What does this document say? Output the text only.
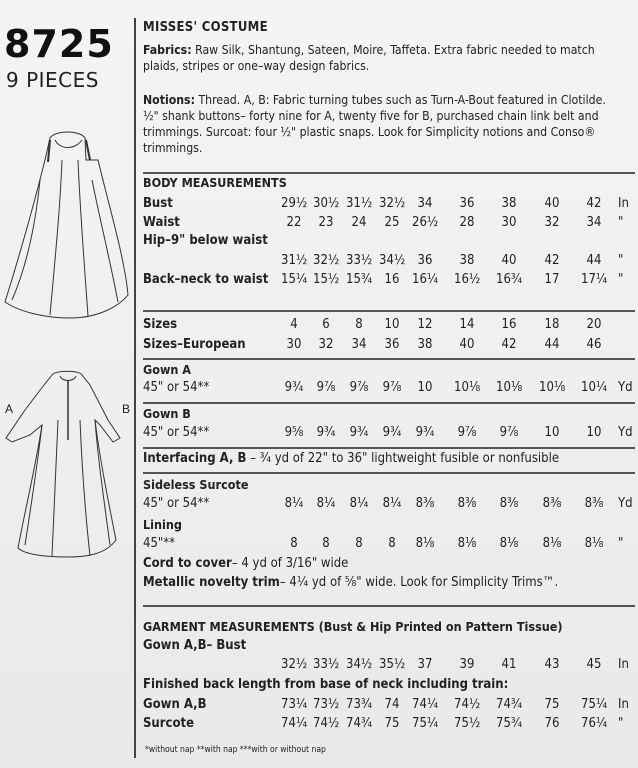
8725
9 PIECES
A	B
MISSES' COSTUME
Fabrics: Raw Silk, Shantung, Sateen, Moire, Taffeta. Extra fabric needed to match
plaids, stripes or one–way design fabrics.
Notions: Thread. A, B: Fabric turning tubes such as Turn-A-Bout featured in Clotilde.
½" shank buttons– forty nine for A, twenty five for B, purchased chain link belt and
trimmings. Surcoat: four ½" plastic snaps. Look for Simplicity notions and Conso®
trimmings.
BODY MEASUREMENTS
Bust	29½ 30½ 31½ 32½ 34	36	38	40	42	In
Waist	22	23	24	25 26½	28	30	32	34	"
Hip–9" below waist
31½ 32½ 33½ 34½ 36	38	40	42	44	"
Back–neck to waist 15¼ 15½ 15¾ 16 16¼ 16½ 16¾	17	17¼ "
Sizes	4	6	8	10	12	14	16	18	20
Sizes–European	30	32	34	36	38	40	42	44	46
Gown A
45" or 54**	9¾ 9⅞ 9⅞ 9⅞	10	10⅛ 10⅛ 10⅛ 10¼ Yd
Gown B
45" or 54**	9⅝ 9¾ 9¾ 9¾ 9¾ 9⅞ 9⅞	10	10	Yd
Interfacing A, B – ¾ yd of 22" to 36" lightweight fusible or nonfusible
Sideless Surcote
45" or 54**	8¼ 8¼ 8¼ 8¼ 8⅜ 8⅜ 8⅜ 8⅜ 8⅜ Yd
Lining
45"**	8	8	8	8	8⅛ 8⅛ 8⅛ 8⅛ 8⅛ "
Cord to cover– 4 yd of 3/16" wide
Metallic novelty trim– 4¼ yd of ⅝" wide. Look for Simplicity Trims™.
GARMENT MEASUREMENTS (Bust & Hip Printed on Pattern Tissue)
Gown A,B– Bust
32½ 33½ 34½ 35½ 37	39	41	43	45	In
Finished back length from base of neck including train:
Gown A,B	73¼ 73½ 73¾ 74 74¼ 74½ 74¾	75	75¼ In
Surcote	74¼ 74½ 74¾ 75 75¼ 75½ 75¾	76	76¼ "
*without nap **with nap ***with or without nap
